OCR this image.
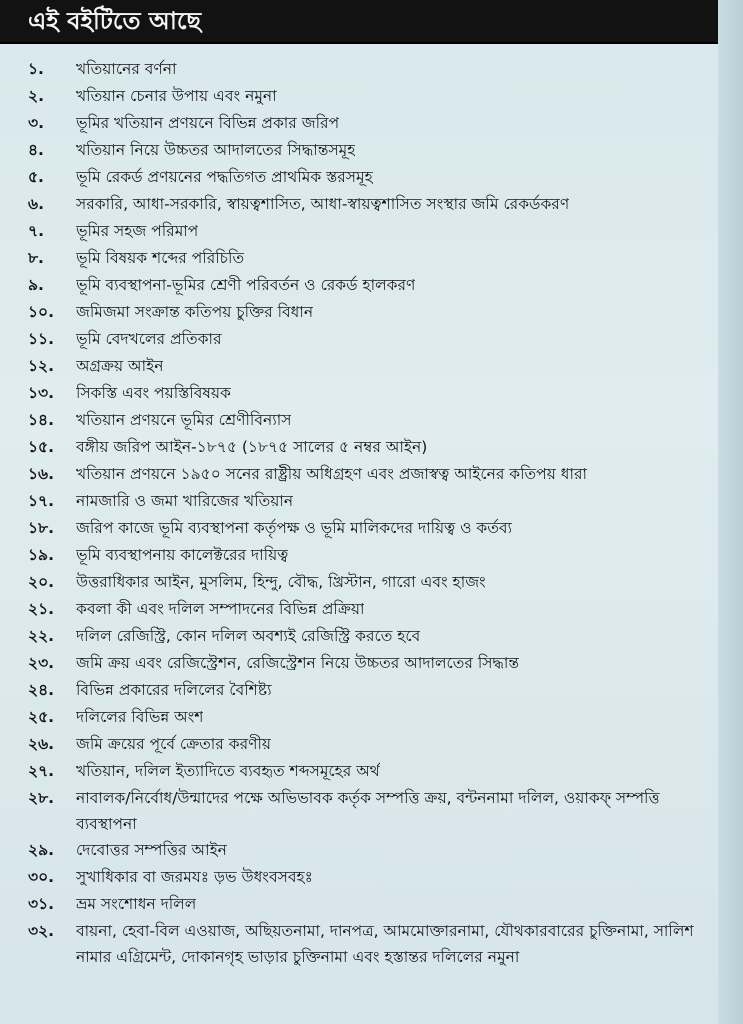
এই বইটিতে আছে
১.	খতিয়ানের বর্ণনা
২.	খতিয়ান চেনার উপায় এবং নমুনা
৩.	ভূমির খতিয়ান প্রণয়নে বিভিন্ন প্রকার জরিপ
৪.	খতিয়ান নিয়ে উচ্চতর আদালতের সিদ্ধান্তসমূহ
৫.	ভূমি রেকর্ড প্রণয়নের পদ্ধতিগত প্রাথমিক স্তরসমূহ
৬.	সরকারি, আধা-সরকারি, স্বায়ত্বশাসিত, আধা-স্বায়ত্বশাসিত সংস্থার জমি রেকর্ডকরণ
৭.	ভূমির সহজ পরিমাপ
৮.	ভূমি বিষয়ক শব্দের পরিচিতি
৯.	ভূমি ব্যবস্থাপনা-ভূমির শ্রেণী পরিবর্তন ও রেকর্ড হালকরণ
১০.	জমিজমা সংক্রান্ত কতিপয় চুক্তির বিধান
১১.	ভূমি বেদখলের প্রতিকার
১২.	অগ্রক্রয় আইন
১৩.	সিকস্তি এবং পয়স্তিবিষয়ক
১৪.	খতিয়ান প্রণয়নে ভূমির শ্রেণীবিন্যাস
১৫.	বঙ্গীয় জরিপ আইন-১৮৭৫ (১৮৭৫ সালের ৫ নম্বর আইন)
১৬.	খতিয়ান প্রণয়নে ১৯৫০ সনের রাষ্ট্রীয় অধিগ্রহণ এবং প্রজাস্বত্ব আইনের কতিপয় ধারা
১৭.	নামজারি ও জমা খারিজের খতিয়ান
১৮.	জরিপ কাজে ভূমি ব্যবস্থাপনা কর্তৃপক্ষ ও ভূমি মালিকদের দায়িত্ব ও কর্তব্য
১৯.	ভূমি ব্যবস্থাপনায় কালেক্টরের দায়িত্ব
২০.	উত্তরাধিকার আইন, মুসলিম, হিন্দু, বৌদ্ধ, খ্রিস্টান, গারো এবং হাজং
২১.	কবলা কী এবং দলিল সম্পাদনের বিভিন্ন প্রক্রিয়া
২২.	দলিল রেজিস্ট্রি, কোন দলিল অবশ্যই রেজিস্ট্রি করতে হবে
২৩.	জমি ক্রয় এবং রেজিস্ট্রেশন, রেজিস্ট্রেশন নিয়ে উচ্চতর আদালতের সিদ্ধান্ত
২৪.	বিভিন্ন প্রকারের দলিলের বৈশিষ্ট্য
২৫.	দলিলের বিভিন্ন অংশ
২৬.	জমি ক্রয়ের পূর্বে ক্রেতার করণীয়
২৭.	খতিয়ান, দলিল ইত্যাদিতে ব্যবহৃত শব্দসমূহের অর্থ
২৮.	নাবালক/নির্বোধ/উন্মাদের পক্ষে অভিভাবক কর্তৃক সম্পত্তি ক্রয়, বন্টননামা দলিল, ওয়াকফ্ সম্পত্তি ব্যবস্থাপনা
২৯.	দেবোত্তর সম্পত্তির আইন
৩০.	সুখাধিকার বা জরমযঃ ড়ভ উধংবসবহঃ
৩১.	ভ্রম সংশোধন দলিল
৩২.	বায়না, হেবা-বিল এওয়াজ, অছিয়তনামা, দানপত্র, আমমোক্তারনামা, যৌথকারবারের চুক্তিনামা, সালিশ নামার এগ্রিমেন্ট, দোকানগৃহ ভাড়ার চুক্তিনামা এবং হস্তান্তর দলিলের নমুনা
